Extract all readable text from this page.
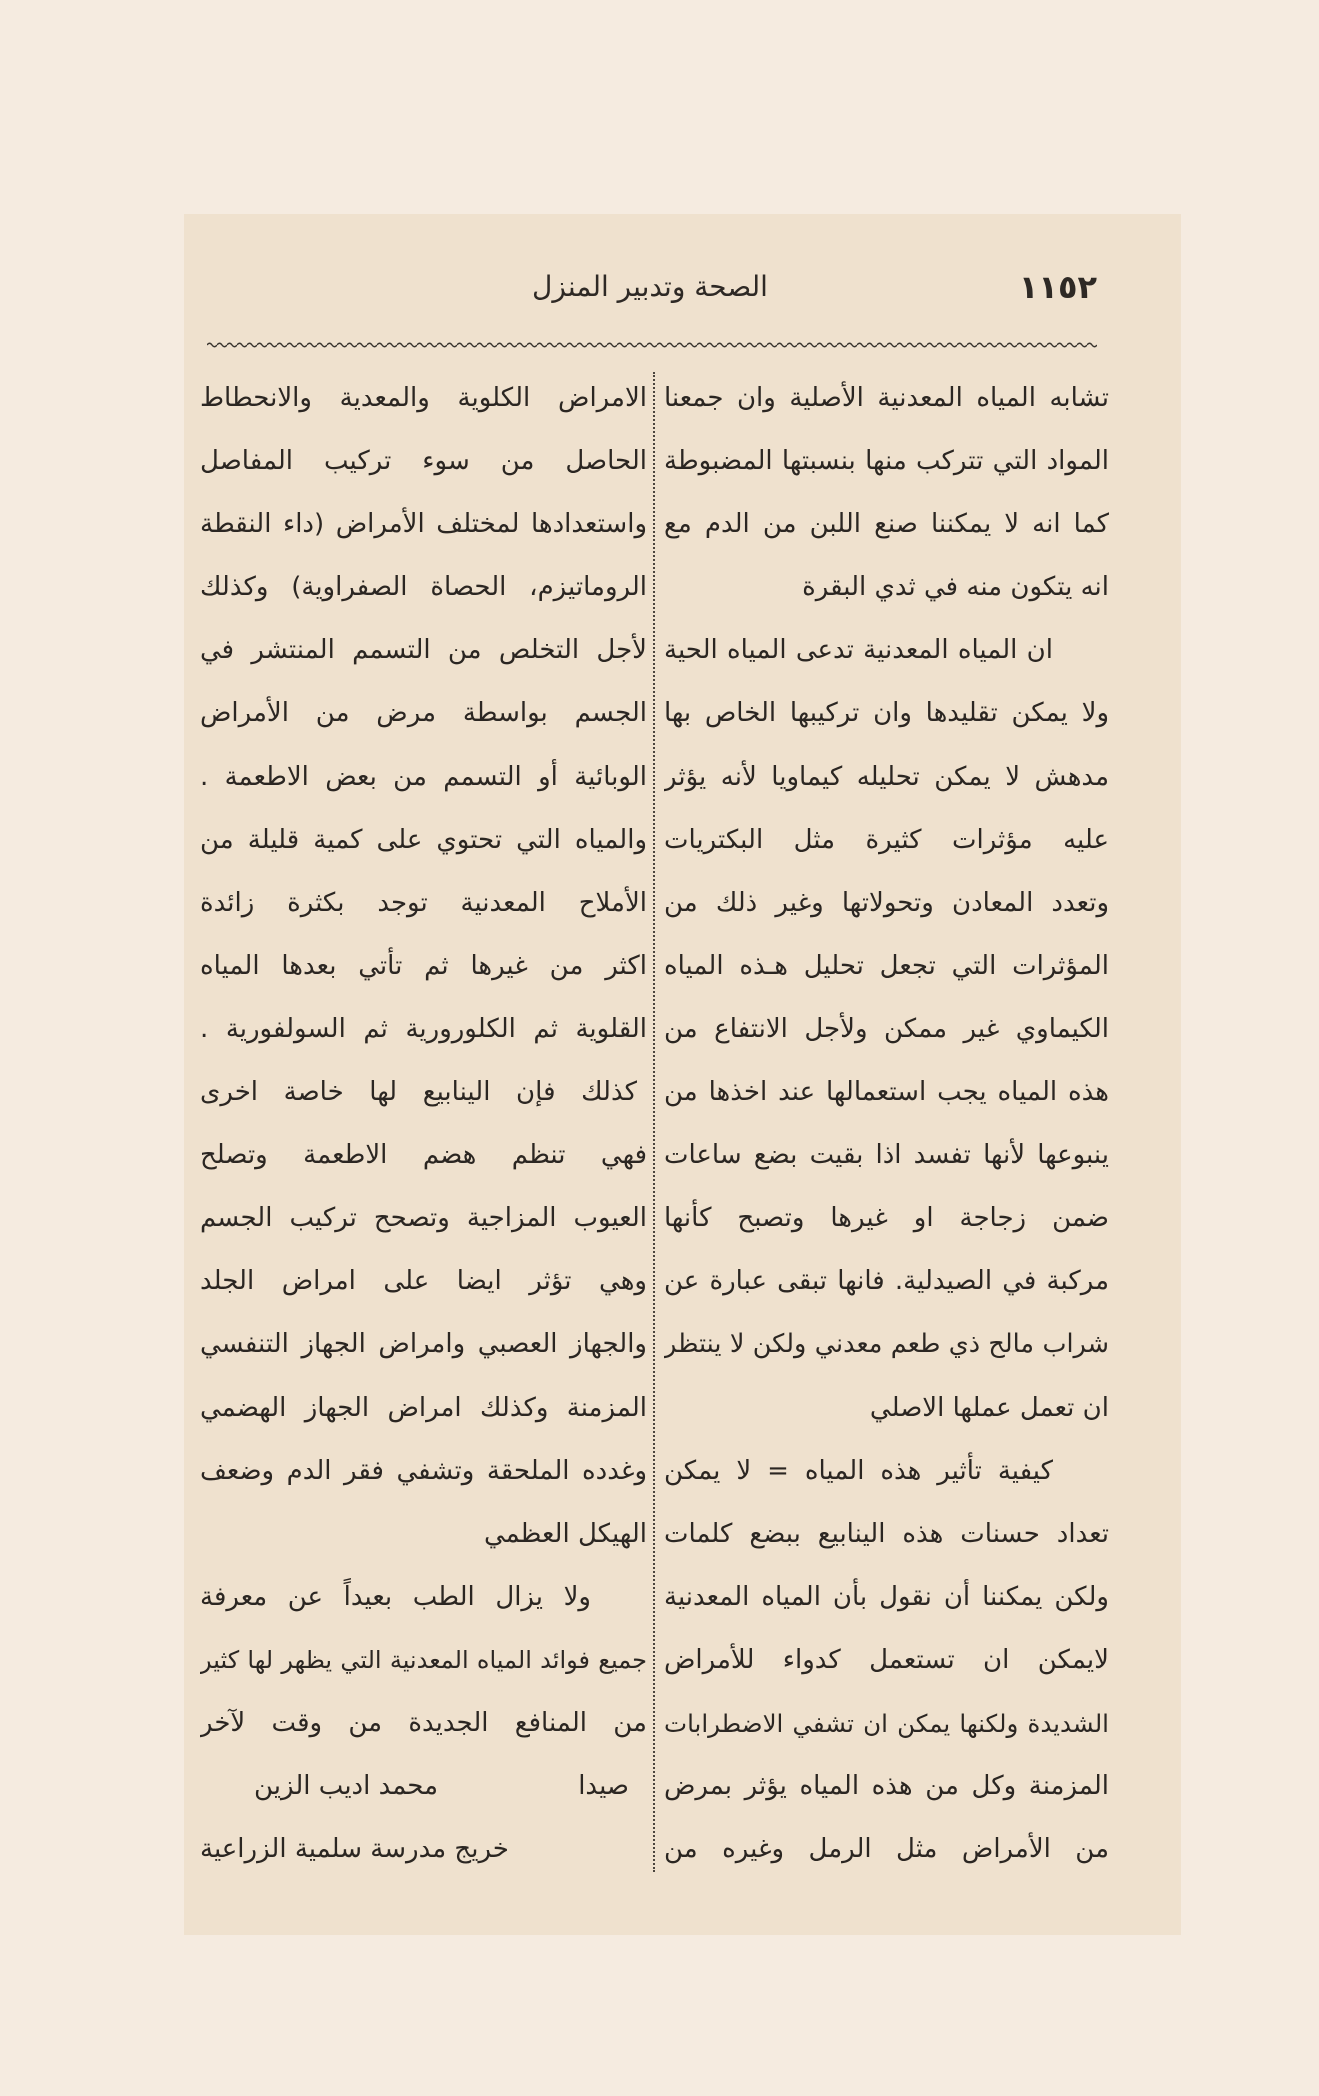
١١٥٢
الصحة وتدبير المنزل
تشابه المياه المعدنية الأصلية وان جمعنا
المواد التي تتركب منها بنسبتها المضبوطة
كما انه لا يمكننا صنع اللبن من الدم مع
انه يتكون منه في ثدي البقرة
ان المياه المعدنية تدعى المياه الحية
ولا يمكن تقليدها وان تركيبها الخاص بها
مدهش لا يمكن تحليله كيماويا لأنه يؤثر
عليه مؤثرات كثيرة مثل البكتريات
وتعدد المعادن وتحولاتها وغير ذلك من
المؤثرات التي تجعل تحليل هـذه المياه
الكيماوي غير ممكن ولأجل الانتفاع من
هذه المياه يجب استعمالها عند اخذها من
ينبوعها لأنها تفسد اذا بقيت بضع ساعات
ضمن زجاجة او غيرها وتصبح كأنها
مركبة في الصيدلية. فانها تبقى عبارة عن
شراب مالح ذي طعم معدني ولكن لا ينتظر
ان تعمل عملها الاصلي
كيفية تأثير هذه المياه = لا يمكن
تعداد حسنات هذه الينابيع ببضع كلمات
ولكن يمكننا أن نقول بأن المياه المعدنية
لايمكن ان تستعمل كدواء للأمراض
الشديدة ولكنها يمكن ان تشفي الاضطرابات
المزمنة وكل من هذه المياه يؤثر بمرض
من الأمراض مثل الرمل وغيره من
الامراض الكلوية والمعدية والانحطاط
الحاصل من سوء تركيب المفاصل
واستعدادها لمختلف الأمراض (داء النقطة
الروماتيزم، الحصاة الصفراوية) وكذلك
لأجل التخلص من التسمم المنتشر في
الجسم بواسطة مرض من الأمراض
الوبائية أو التسمم من بعض الاطعمة .
والمياه التي تحتوي على كمية قليلة من
الأملاح المعدنية توجد بكثرة زائدة
اكثر من غيرها ثم تأتي بعدها المياه
القلوية ثم الكلورورية ثم السولفورية .
كذلك فإن الينابيع لها خاصة اخرى
فهي تنظم هضم الاطعمة وتصلح
العيوب المزاجية وتصحح تركيب الجسم
وهي تؤثر ايضا على امراض الجلد
والجهاز العصبي وامراض الجهاز التنفسي
المزمنة وكذلك امراض الجهاز الهضمي
وغدده الملحقة وتشفي فقر الدم وضعف
الهيكل العظمي
ولا يزال الطب بعيداً عن معرفة
جميع فوائد المياه المعدنية التي يظهر لها كثير
من المنافع الجديدة من وقت لآخر
صيدا
محمد اديب الزين
خريج مدرسة سلمية الزراعية
